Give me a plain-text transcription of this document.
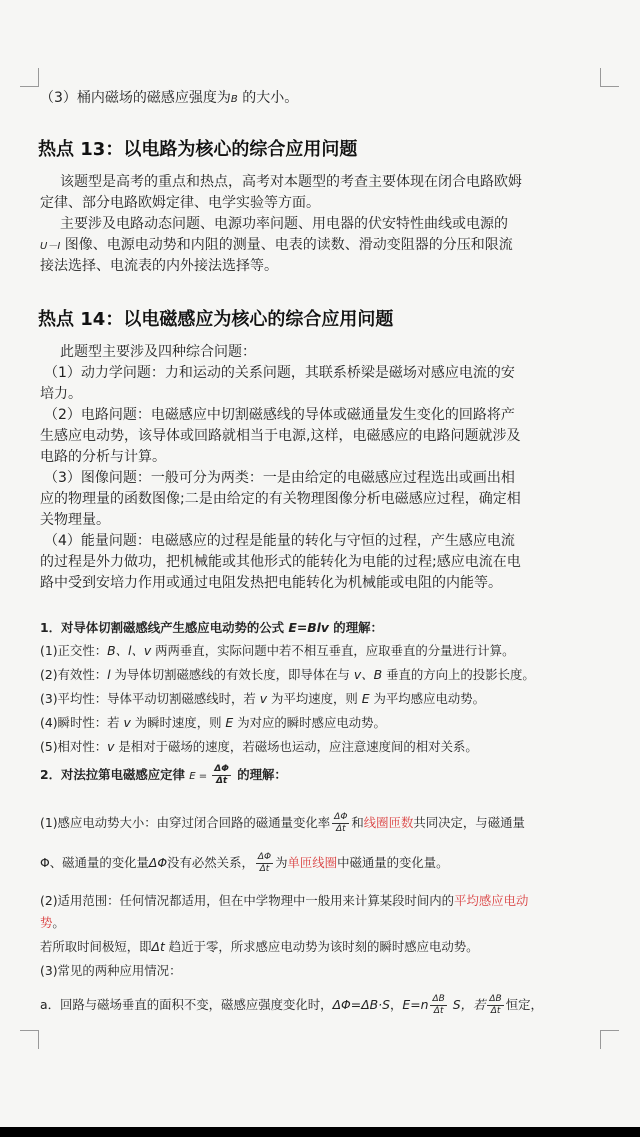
（3）桶内磁场的磁感应强度为B 的大小。
热点 13：以电路为核心的综合应用问题
该题型是高考的重点和热点，高考对本题型的考查主要体现在闭合电路欧姆
定律、部分电路欧姆定律、电学实验等方面。
主要涉及电路动态问题、电源功率问题、用电器的伏安特性曲线或电源的
U－I 图像、电源电动势和内阻的测量、电表的读数、滑动变阻器的分压和限流
接法选择、电流表的内外接法选择等。
热点 14：以电磁感应为核心的综合应用问题
此题型主要涉及四种综合问题：
（1）动力学问题：力和运动的关系问题，其联系桥梁是磁场对感应电流的安
培力。
（2）电路问题：电磁感应中切割磁感线的导体或磁通量发生变化的回路将产
生感应电动势，该导体或回路就相当于电源,这样，电磁感应的电路问题就涉及
电路的分析与计算。
（3）图像问题：一般可分为两类：一是由给定的电磁感应过程选出或画出相
应的物理量的函数图像;二是由给定的有关物理图像分析电磁感应过程，确定相
关物理量。
（4）能量问题：电磁感应的过程是能量的转化与守恒的过程，产生感应电流
的过程是外力做功，把机械能或其他形式的能转化为电能的过程;感应电流在电
路中受到安培力作用或通过电阻发热把电能转化为机械能或电阻的内能等。
1．对导体切割磁感线产生感应电动势的公式 E=Blv 的理解：
(1)正交性：B、l、v 两两垂直，实际问题中若不相互垂直，应取垂直的分量进行计算。
(2)有效性：l 为导体切割磁感线的有效长度，即导体在与 v、B 垂直的方向上的投影长度。
(3)平均性：导体平动切割磁感线时，若 v 为平均速度，则 E 为平均感应电动势。
(4)瞬时性：若 v 为瞬时速度，则 E 为对应的瞬时感应电动势。
(5)相对性：v 是相对于磁场的速度，若磁场也运动，应注意速度间的相对关系。
2．对法拉第电磁感应定律 $E = \frac{\Delta\Phi}{\Delta t}$ 的理解：
(1)感应电动势大小：由穿过闭合回路的磁通量变化率 $\frac{\Delta\Phi}{\Delta t}$ 和线圈匝数共同决定，与磁通量
Φ、磁通量的变化量ΔΦ没有必然关系， $\frac{\Delta\Phi}{\Delta t}$ 为单匝线圈中磁通量的变化量。
(2)适用范围：任何情况都适用，但在中学物理中一般用来计算某段时间内的平均感应电动
势。
若所取时间极短，即Δt 趋近于零，所求感应电动势为该时刻的瞬时感应电动势。
(3)常见的两种应用情况：
a．回路与磁场垂直的面积不变，磁感应强度变化时，ΔΦ=ΔB·S，$E=n \frac{\Delta B}{\Delta t}$ S，若 $\frac{\Delta B}{\Delta t}$ 恒定，
